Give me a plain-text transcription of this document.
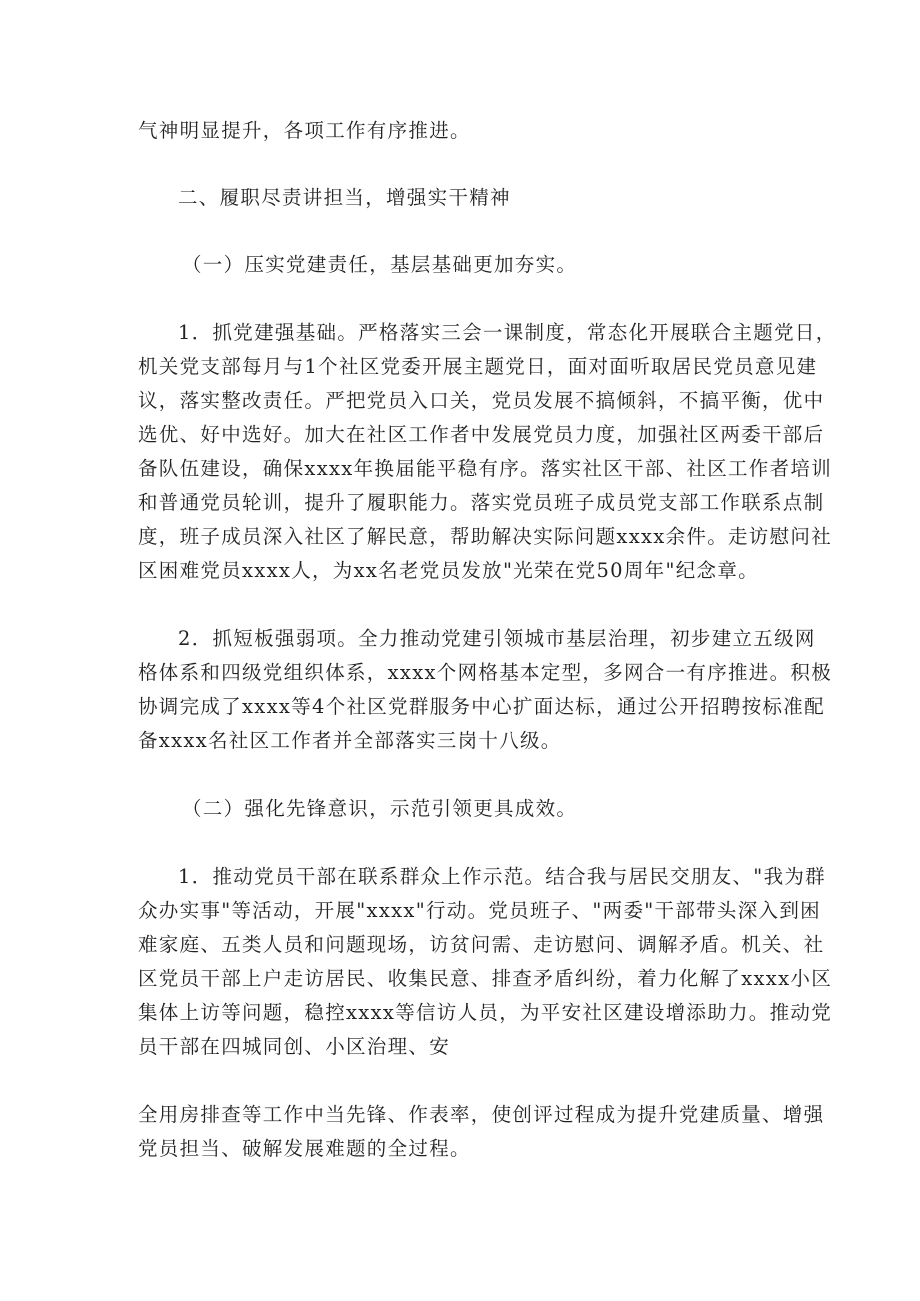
气神明显提升，各项工作有序推进。
二、履职尽责讲担当，增强实干精神
（一）压实党建责任，基层基础更加夯实。
1．抓党建强基础。严格落实三会一课制度，常态化开展联合主题党日，
机关党支部每月与1个社区党委开展主题党日，面对面听取居民党员意见建
议，落实整改责任。严把党员入口关，党员发展不搞倾斜，不搞平衡，优中
选优、好中选好。加大在社区工作者中发展党员力度，加强社区两委干部后
备队伍建设，确保xxxx年换届能平稳有序。落实社区干部、社区工作者培训
和普通党员轮训，提升了履职能力。落实党员班子成员党支部工作联系点制
度，班子成员深入社区了解民意，帮助解决实际问题xxxx余件。走访慰问社
区困难党员xxxx人，为xx名老党员发放"光荣在党50周年"纪念章。
2．抓短板强弱项。全力推动党建引领城市基层治理，初步建立五级网
格体系和四级党组织体系，xxxx个网格基本定型，多网合一有序推进。积极
协调完成了xxxx等4个社区党群服务中心扩面达标，通过公开招聘按标准配
备xxxx名社区工作者并全部落实三岗十八级。
（二）强化先锋意识，示范引领更具成效。
1．推动党员干部在联系群众上作示范。结合我与居民交朋友、"我为群
众办实事"等活动，开展"xxxx"行动。党员班子、"两委"干部带头深入到困
难家庭、五类人员和问题现场，访贫问需、走访慰问、调解矛盾。机关、社
区党员干部上户走访居民、收集民意、排查矛盾纠纷，着力化解了xxxx小区
集体上访等问题，稳控xxxx等信访人员，为平安社区建设增添助力。推动党
员干部在四城同创、小区治理、安
全用房排查等工作中当先锋、作表率，使创评过程成为提升党建质量、增强
党员担当、破解发展难题的全过程。
